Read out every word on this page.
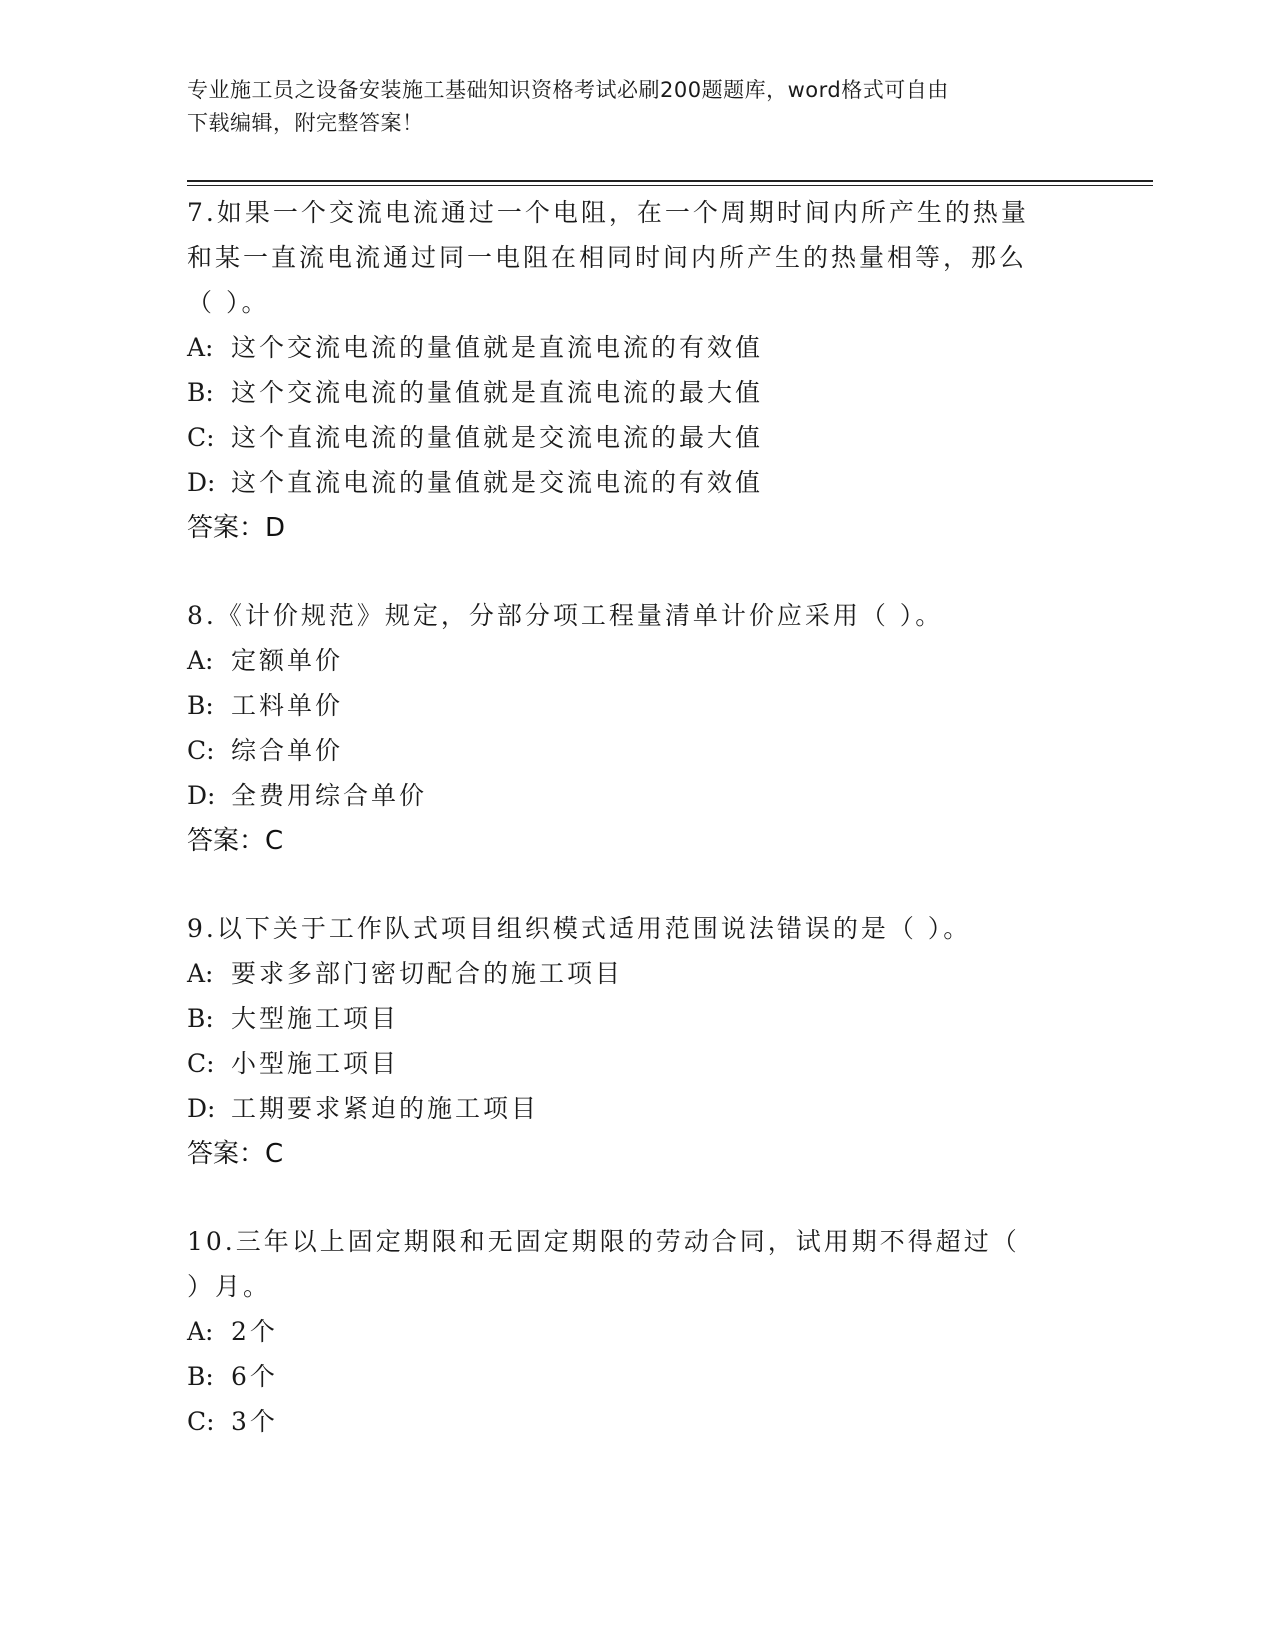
专业施工员之设备安装施工基础知识资格考试必刷200题题库，word格式可自由
下载编辑，附完整答案！

7.如果一个交流电流通过一个电阻，在一个周期时间内所产生的热量

和某一直流电流通过同一电阻在相同时间内所产生的热量相等，那么

（ ）。

A: 这个交流电流的量值就是直流电流的有效值

B: 这个交流电流的量值就是直流电流的最大值

C: 这个直流电流的量值就是交流电流的最大值

D: 这个直流电流的量值就是交流电流的有效值

答案：D

8.《计价规范》规定，分部分项工程量清单计价应采用（ ）。

A: 定额单价

B: 工料单价

C: 综合单价

D: 全费用综合单价

答案：C

9.以下关于工作队式项目组织模式适用范围说法错误的是（ ）。

A: 要求多部门密切配合的施工项目

B: 大型施工项目

C: 小型施工项目

D: 工期要求紧迫的施工项目

答案：C

10.三年以上固定期限和无固定期限的劳动合同，试用期不得超过（

）月。

A: 2个

B: 6个

C: 3个
